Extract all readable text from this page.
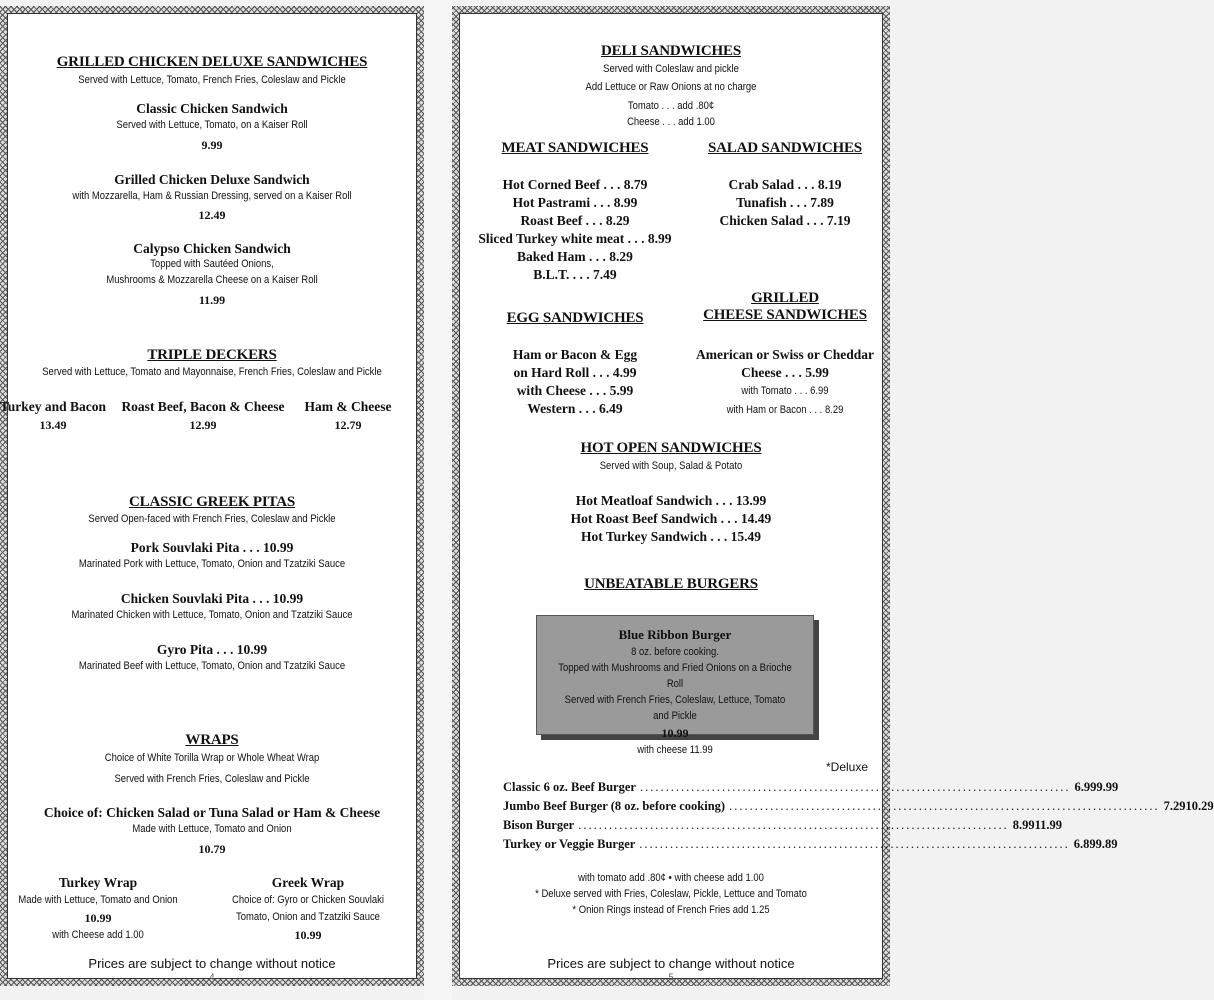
GRILLED CHICKEN DELUXE SANDWICHES
Served with Lettuce, Tomato, French Fries, Coleslaw and Pickle
Classic Chicken Sandwich
Served with Lettuce, Tomato, on a Kaiser Roll
9.99
Grilled Chicken Deluxe Sandwich
with Mozzarella, Ham & Russian Dressing, served on a Kaiser Roll
12.49
Calypso Chicken Sandwich
Topped with Sautéed Onions,
Mushrooms & Mozzarella Cheese on a Kaiser Roll
11.99
TRIPLE DECKERS
Served with Lettuce, Tomato and Mayonnaise, French Fries, Coleslaw and Pickle
Turkey and Bacon
13.49
Roast Beef, Bacon & Cheese
12.99
Ham & Cheese
12.79
CLASSIC GREEK PITAS
Served Open-faced with French Fries, Coleslaw and Pickle
Pork Souvlaki Pita . . . 10.99
Marinated Pork with Lettuce, Tomato, Onion and Tzatziki Sauce
Chicken Souvlaki Pita . . . 10.99
Marinated Chicken with Lettuce, Tomato, Onion and Tzatziki Sauce
Gyro Pita . . . 10.99
Marinated Beef with Lettuce, Tomato, Onion and Tzatziki Sauce
WRAPS
Choice of White Torilla Wrap or Whole Wheat Wrap
Served with French Fries, Coleslaw and Pickle
Choice of: Chicken Salad or Tuna Salad or Ham & Cheese
Made with Lettuce, Tomato and Onion
10.79
Turkey Wrap
Made with Lettuce, Tomato and Onion
10.99
with Cheese add 1.00
Greek Wrap
Choice of: Gyro or Chicken Souvlaki
Tomato, Onion and Tzatziki Sauce
10.99
Prices are subject to change without notice
4
DELI SANDWICHES
Served with Coleslaw and pickle
Add Lettuce or Raw Onions at no charge
Tomato . . . add .80¢
Cheese . . . add 1.00
MEAT SANDWICHES
Hot Corned Beef . . . 8.79
Hot Pastrami . . . 8.99
Roast Beef . . . 8.29
Sliced Turkey white meat . . . 8.99
Baked Ham . . . 8.29
B.L.T. . . . 7.49
SALAD SANDWICHES
Crab Salad . . . 8.19
Tunafish . . . 7.89
Chicken Salad . . . 7.19
EGG SANDWICHES
Ham or Bacon & Egg
on Hard Roll . . . 4.99
with Cheese . . . 5.99
Western . . . 6.49
GRILLED
CHEESE SANDWICHES
American or Swiss or Cheddar
Cheese . . . 5.99
with Tomato . . . 6.99
with Ham or Bacon . . . 8.29
HOT OPEN SANDWICHES
Served with Soup, Salad & Potato
Hot Meatloaf Sandwich . . . 13.99
Hot Roast Beef Sandwich . . . 14.49
Hot Turkey Sandwich . . . 15.49
UNBEATABLE BURGERS
Blue Ribbon Burger
8 oz. before cooking.
Topped with Mushrooms and Fried Onions on a Brioche Roll
Served with French Fries, Coleslaw, Lettuce, Tomato and Pickle
10.99
with cheese 11.99
*Deluxe
Classic 6 oz. Beef Burger .................................................................................... 6.99 9.99
Jumbo Beef Burger (8 oz. before cooking) .................................................................................... 7.29 10.29
Bison Burger .................................................................................... 8.99 11.99
Turkey or Veggie Burger .................................................................................... 6.89 9.89
with tomato add .80¢ • with cheese add 1.00
* Deluxe served with Fries, Coleslaw, Pickle, Lettuce and Tomato
* Onion Rings instead of French Fries add 1.25
Prices are subject to change without notice
5
